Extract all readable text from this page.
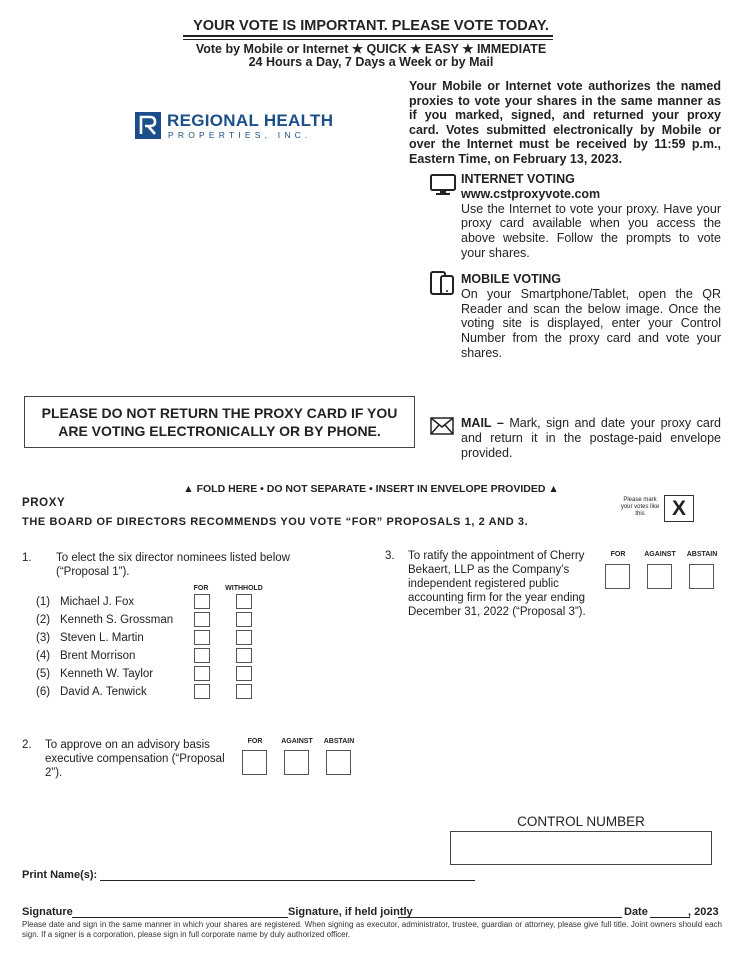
YOUR VOTE IS IMPORTANT. PLEASE VOTE TODAY.
Vote by Mobile or Internet ★ QUICK ★ EASY ★ IMMEDIATE
24 Hours a Day, 7 Days a Week or by Mail
REGIONAL HEALTH
PROPERTIES, INC.
Your Mobile or Internet vote authorizes the named proxies to vote your shares in the same manner as if you marked, signed, and returned your proxy card. Votes submitted electronically by Mobile or over the Internet must be received by 11:59 p.m., Eastern Time, on February 13, 2023.
INTERNET VOTING
www.cstproxyvote.com
Use the Internet to vote your proxy. Have your proxy card available when you access the above website. Follow the prompts to vote your shares.
MOBILE VOTING
On your Smartphone/Tablet, open the QR Reader and scan the below image. Once the voting site is displayed, enter your Control Number from the proxy card and vote your shares.
PLEASE DO NOT RETURN THE PROXY CARD IF YOU
ARE VOTING ELECTRONICALLY OR BY PHONE.	MAIL – Mark, sign and date your proxy card and return it in the postage-paid envelope provided.
▲ FOLD HERE • DO NOT SEPARATE • INSERT IN ENVELOPE PROVIDED ▲
PROXY
THE BOARD OF DIRECTORS RECOMMENDS YOU VOTE “FOR” PROPOSALS 1, 2 AND 3.
Please mark your votes like this	X
1. To elect the six director nominees listed below
(“Proposal 1”).
FOR	WITHHOLD
(1) Michael J. Fox
(2) Kenneth S. Grossman
(3) Steven L. Martin
(4) Brent Morrison
(5) Kenneth W. Taylor
(6) David A. Tenwick
2. To approve on an advisory basis
executive compensation (“Proposal 2”).
FOR	AGAINST	ABSTAIN
3. To ratify the appointment of Cherry
Bekaert, LLP as the Company’s
independent registered public
accounting firm for the year ending
December 31, 2022 (“Proposal 3”).
FOR	AGAINST	ABSTAIN
CONTROL NUMBER
Print Name(s):
Signature	Signature, if held jointly	Date	, 2023
Please date and sign in the same manner in which your shares are registered. When signing as executor, administrator, trustee, guardian or attorney, please give full title. Joint owners should each sign. If a signer is a corporation, please sign in full corporate name by duly authorized officer.
